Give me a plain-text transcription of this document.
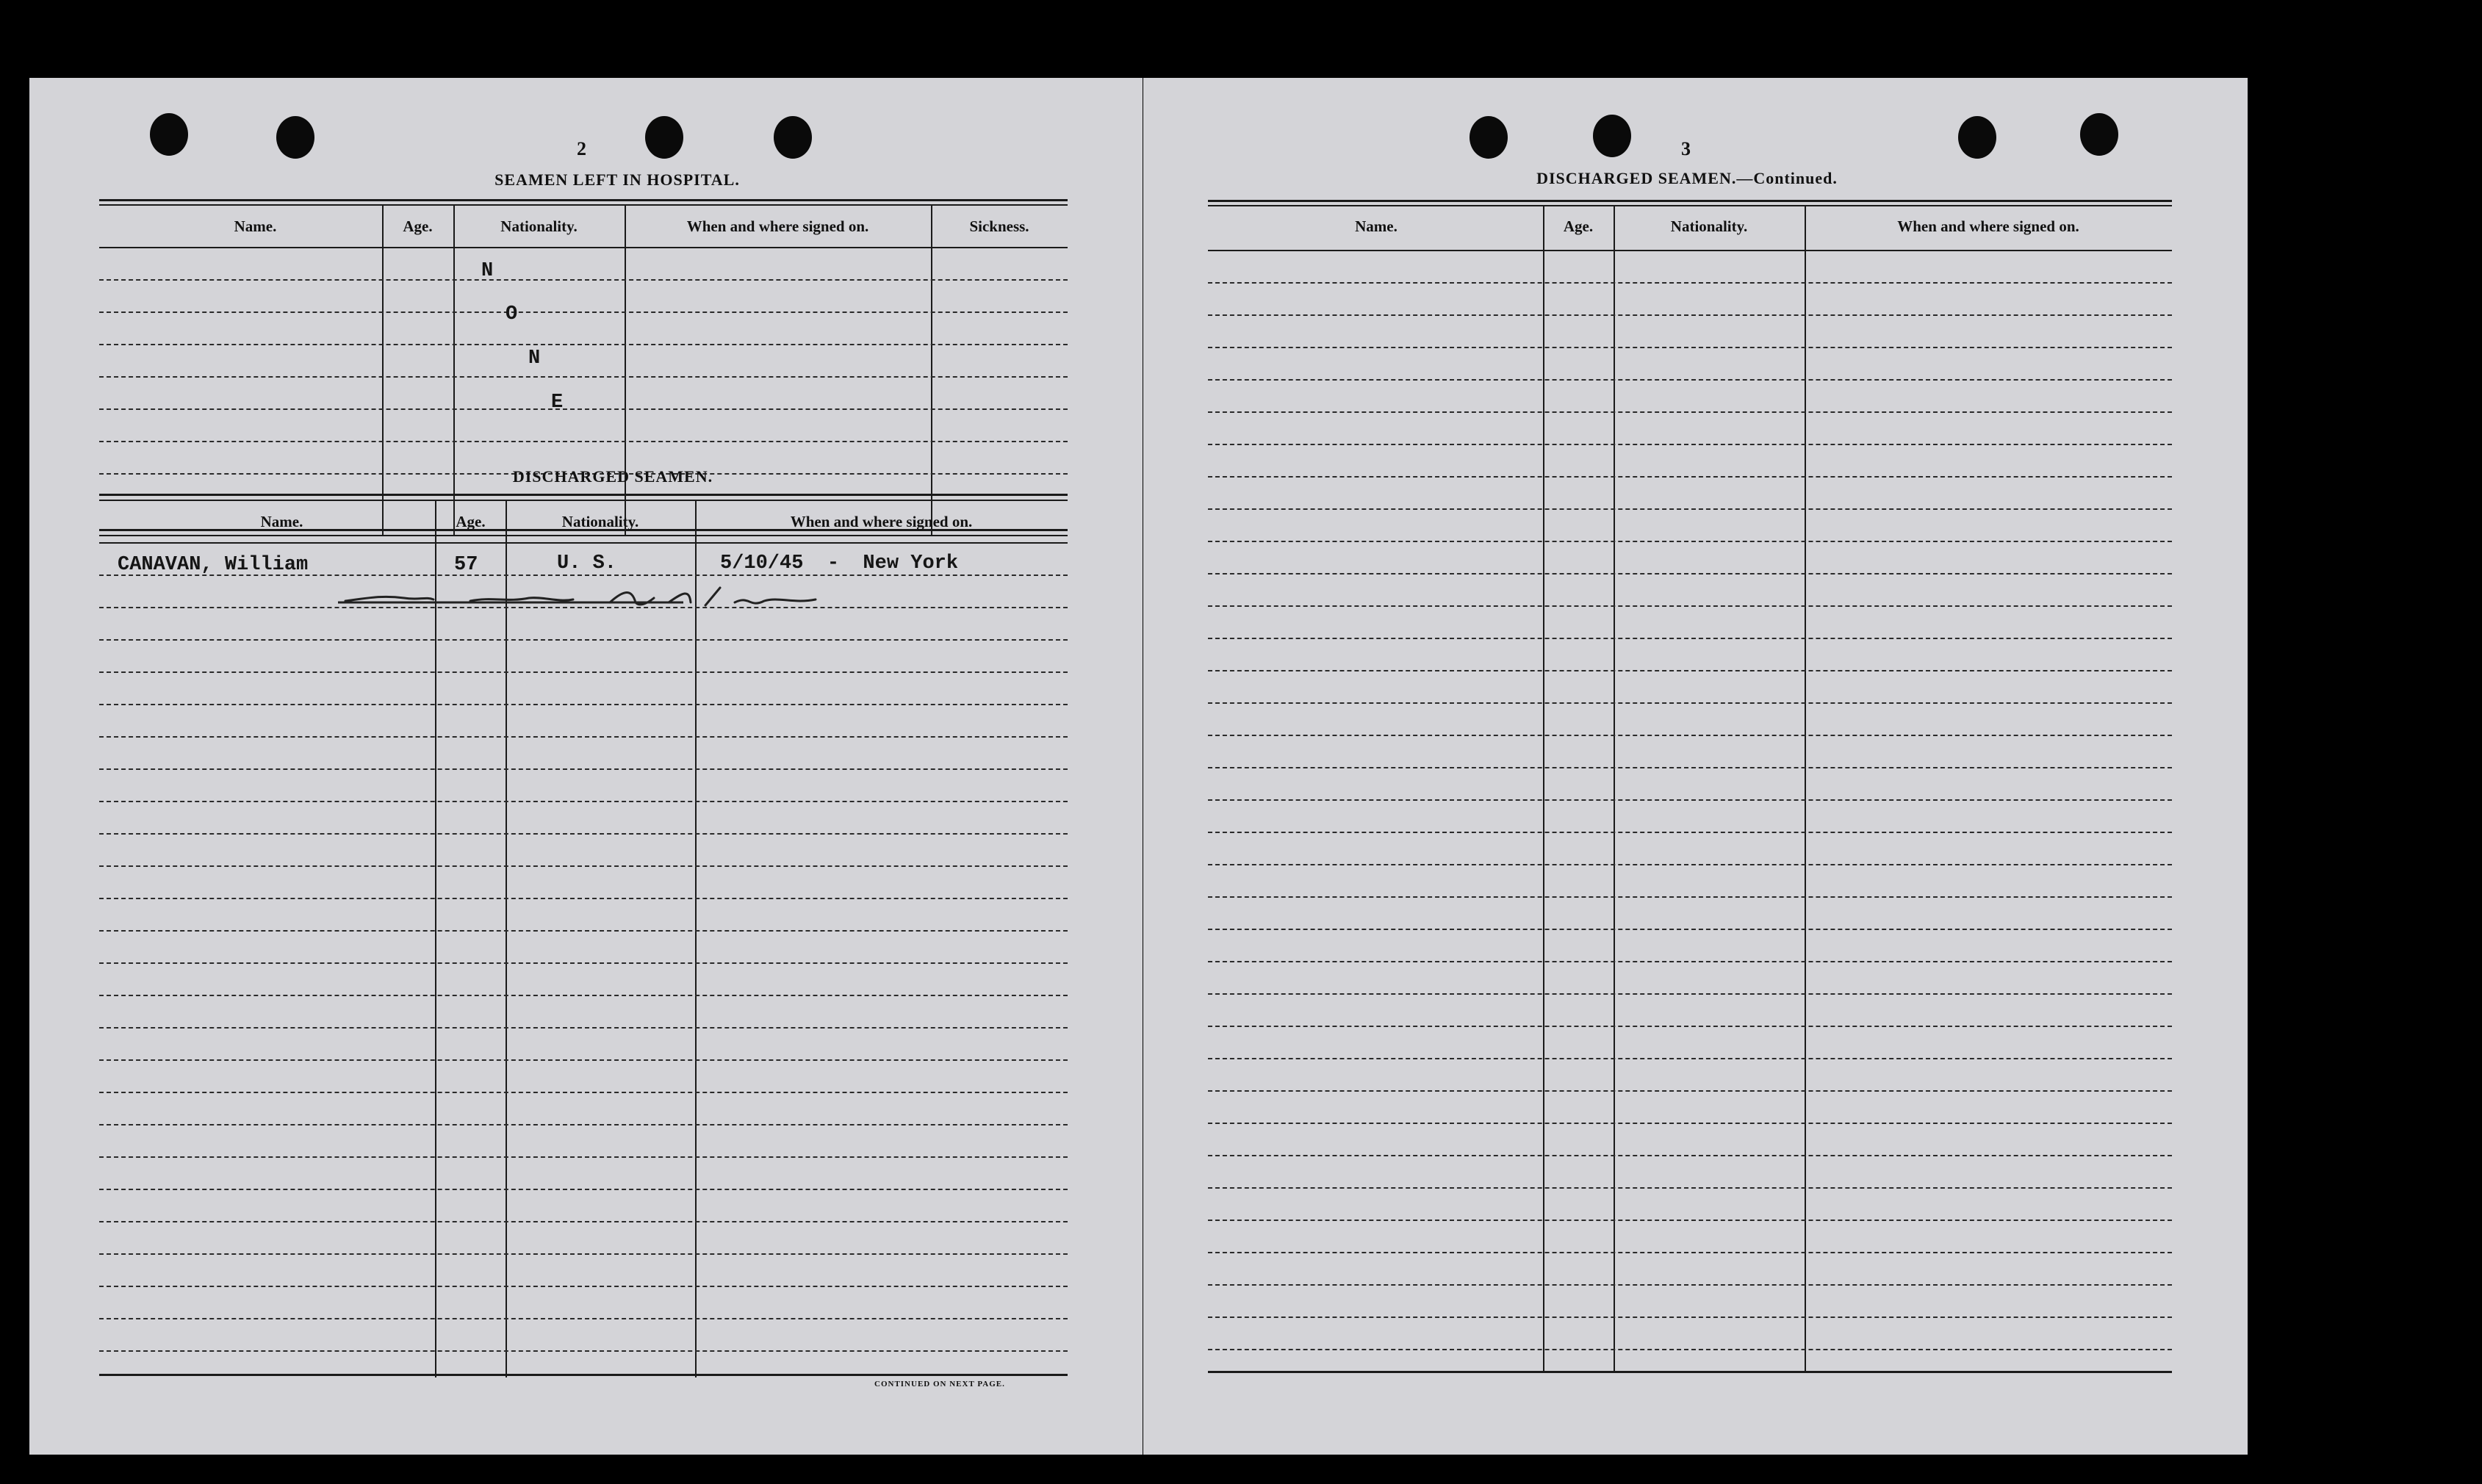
2
SEAMEN LEFT IN HOSPITAL.
Name.	Age.	Nationality.	When and where signed on.	Sickness.
N
O
N
E
DISCHARGED SEAMEN.
Name.	Age.	Nationality.	When and where signed on.
CANAVAN, William	57	U. S.	5/10/45  -  New York
CONTINUED ON NEXT PAGE.
3
DISCHARGED SEAMEN.—Continued.
Name.	Age.	Nationality.	When and where signed on.
